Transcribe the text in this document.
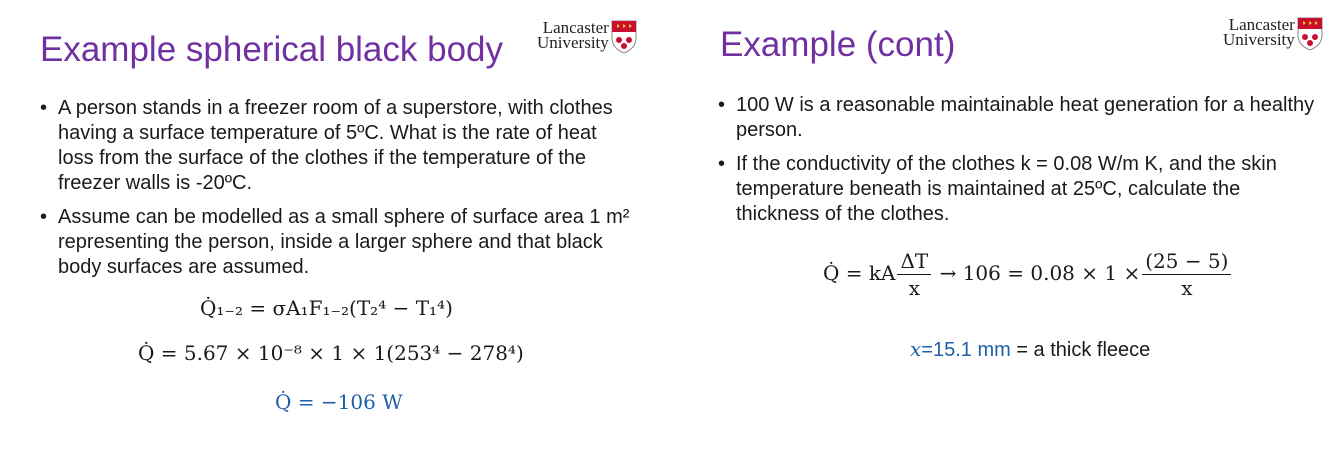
Example spherical black body
Lancaster
University
• A person stands in a freezer room of a superstore, with clothes having a surface temperature of 5ºC. What is the rate of heat loss from the surface of the clothes if the temperature of the freezer walls is -20ºC.
• Assume can be modelled as a small sphere of surface area 1 m² representing the person, inside a larger sphere and that black body surfaces are assumed.
Q̇₁₋₂ = σA₁F₁₋₂(T₂⁴ − T₁⁴)
Q̇ = 5.67 × 10⁻⁸ × 1 × 1(253⁴ − 278⁴)
Q̇ = −106 W
Example (cont)
Lancaster
University
• 100 W is a reasonable maintainable heat generation for a healthy person.
• If the conductivity of the clothes k = 0.08 W/m K, and the skin temperature beneath is maintained at 25ºC, calculate the thickness of the clothes.
Q̇ = kA $\frac{\Delta T}{x} \to 106 = 0.08 \times 1 \times \frac{(25 - 5)}{x}$
x=15.1 mm = a thick fleece
